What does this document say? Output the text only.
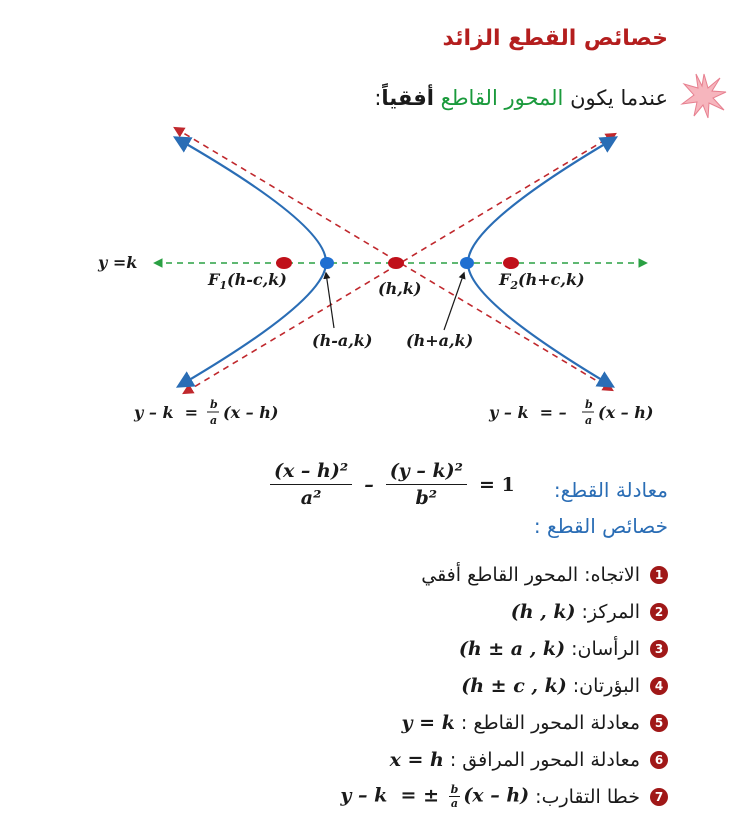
خصائص القطع الزائد
عندما يكون المحور القاطع أفقياً:
y =k
(h,k)
$F_1(h-c,k)$	$F_2(h+c,k)$
(h-a,k) (h+a,k)
y – k  = b
a (x – h)	y – k  = – b
a (x – h)
$\frac{\text{(x – h)²}}{\text{a²}} - \frac{\text{(y – k)²}}{\text{b²}} = 1$ معادلة القطع:
خصائص القطع :
1
الاتجاه: المحور القاطع أفقي
2
المركز:
(h , k)
3
الرأسان:
(h ± a , k)
4
البؤرتان:
(h ± c , k)
5
معادلة المحور القاطع :
y = k
6
معادلة المحور المرافق :
x = h
7
خطا التقارب:
y – k  = ± $\frac{b}{a} (x - h)$
